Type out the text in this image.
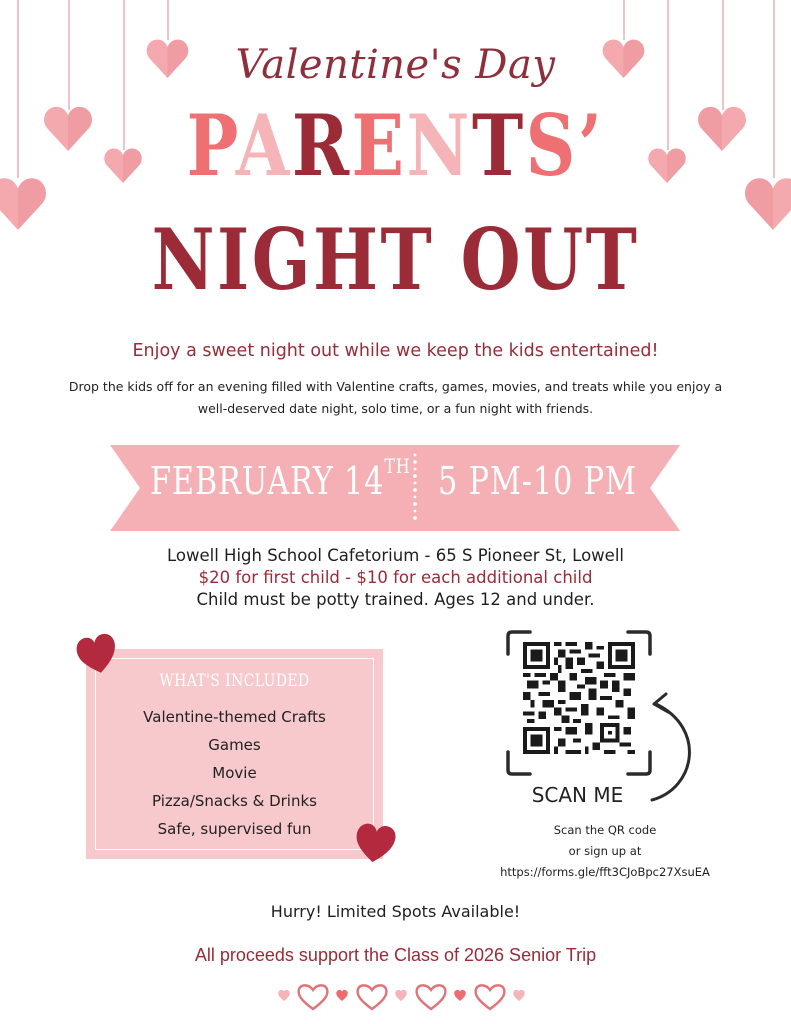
Valentine's Day
PARENTS’
NIGHT OUT
Enjoy a sweet night out while we keep the kids entertained!
Drop the kids off for an evening filled with Valentine crafts, games, movies, and treats while you enjoy a
well-deserved date night, solo time, or a fun night with friends.
FEBRUARY 14TH 5 PM-10 PM
Lowell High School Cafetorium - 65 S Pioneer St, Lowell
$20 for first child - $10 for each additional child
Child must be potty trained. Ages 12 and under.
WHAT'S INCLUDED
Valentine-themed Crafts
Games
Movie
Pizza/Snacks & Drinks
Safe, supervised fun
SCAN ME
Scan the QR code
or sign up at
https://forms.gle/fft3CJoBpc27XsuEA
Hurry! Limited Spots Available!
All proceeds support the Class of 2026 Senior Trip
